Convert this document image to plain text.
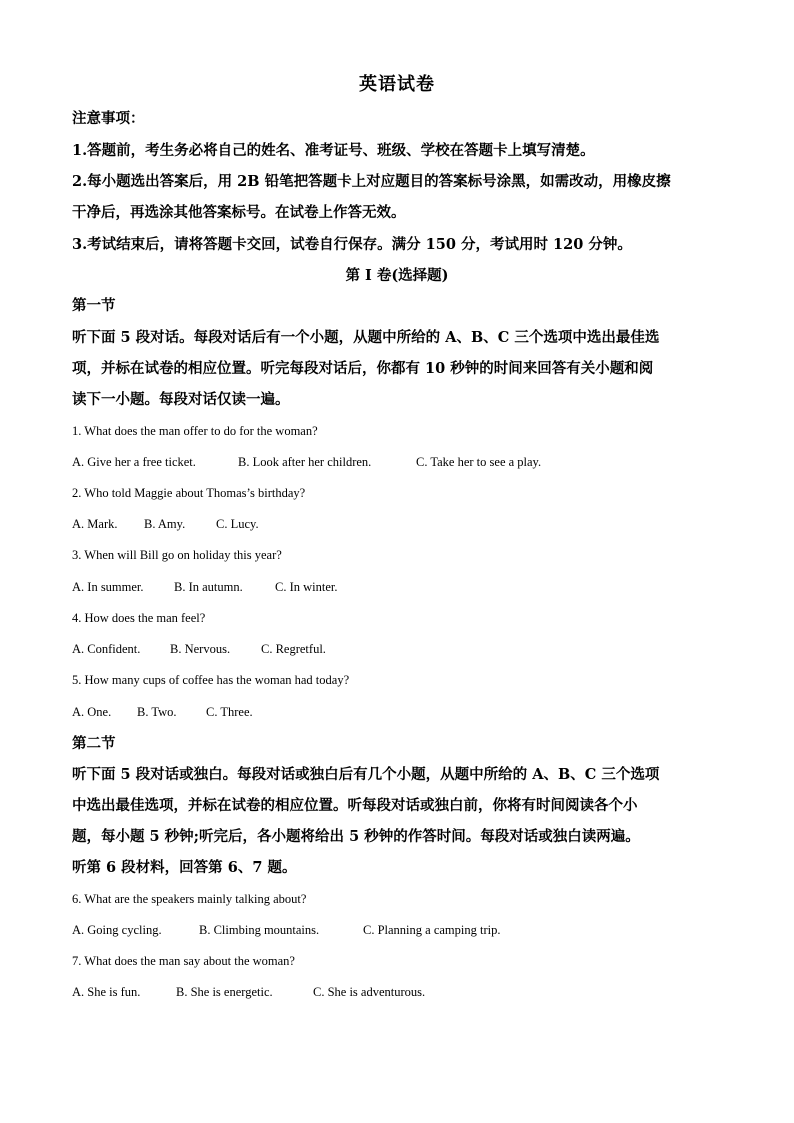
英语试卷
注意事项：
1.答题前，考生务必将自己的姓名、准考证号、班级、学校在答题卡上填写清楚。
2.每小题选出答案后，用 2B 铅笔把答题卡上对应题目的答案标号涂黑，如需改动，用橡皮擦
干净后，再选涂其他答案标号。在试卷上作答无效。
3.考试结束后，请将答题卡交回，试卷自行保存。满分 150 分，考试用时 120 分钟。
第 I 卷(选择题)
第一节
听下面 5 段对话。每段对话后有一个小题，从题中所给的 A、B、C 三个选项中选出最佳选
项，并标在试卷的相应位置。听完每段对话后，你都有 10 秒钟的时间来回答有关小题和阅
读下一小题。每段对话仅读一遍。
1. What does the man offer to do for the woman?
A. Give her a free ticket.	B. Look after her children.	C. Take her to see a play.
2. Who told Maggie about Thomas’s birthday?
A. Mark. B. Amy. C. Lucy.
3. When will Bill go on holiday this year?
A. In summer. B. In autumn.	C. In winter.
4. How does the man feel?
A. Confident. B. Nervous. C. Regretful.
5. How many cups of coffee has the woman had today?
A. One. B. Two. C. Three.
第二节
听下面 5 段对话或独白。每段对话或独白后有几个小题，从题中所给的 A、B、C 三个选项
中选出最佳选项，并标在试卷的相应位置。听每段对话或独白前，你将有时间阅读各个小
题，每小题 5 秒钟;听完后，各小题将给出 5 秒钟的作答时间。每段对话或独白读两遍。
听第 6 段材料，回答第 6、7 题。
6. What are the speakers mainly talking about?
A. Going cycling.	B. Climbing mountains.	C. Planning a camping trip.
7. What does the man say about the woman?
A. She is fun.	B. She is energetic.	C. She is adventurous.
